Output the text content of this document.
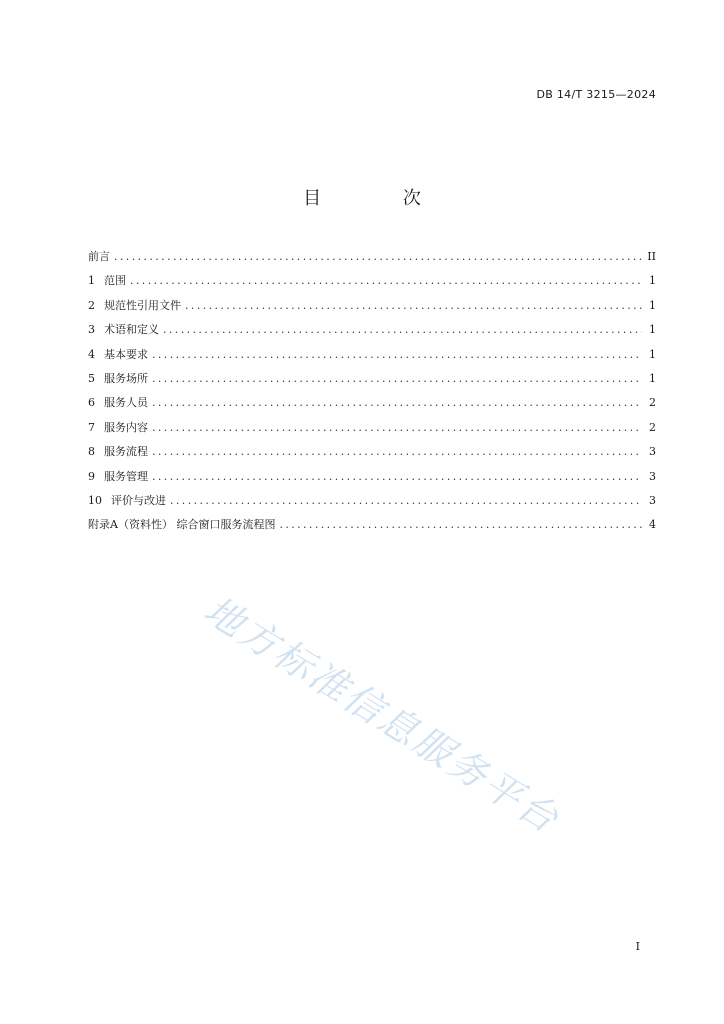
DB 14/T 3215—2024
目 次
前言 .....	II
1 范围 .....	1
2 规范性引用文件 .....	1
3 术语和定义 .....	1
4 基本要求 .....	1
5 服务场所 .....	1
6 服务人员 .....	2
7 服务内容 .....	2
8 服务流程 .....	3
9 服务管理 .....	3
10 评价与改进 .....	3
附录A（资料性） 综合窗口服务流程图 .....	4
地方标准信息服务平台
I
